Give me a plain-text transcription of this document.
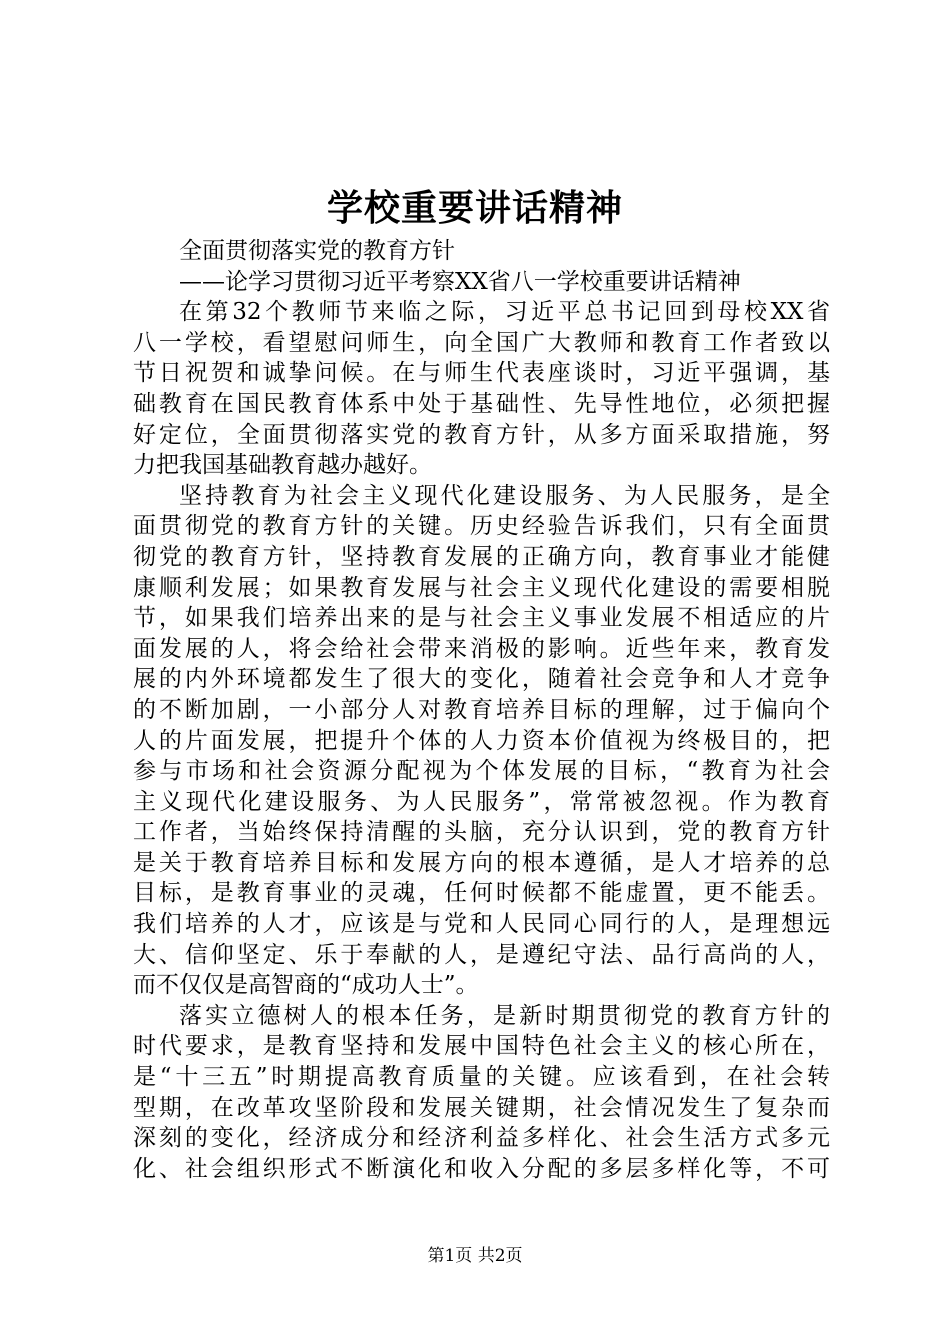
学校重要讲话精神
全面贯彻落实党的教育方针
——论学习贯彻习近平考察XX省八一学校重要讲话精神
在第32个教师节来临之际，习近平总书记回到母校XX省
八一学校，看望慰问师生，向全国广大教师和教育工作者致以
节日祝贺和诚挚问候。在与师生代表座谈时，习近平强调，基
础教育在国民教育体系中处于基础性、先导性地位，必须把握
好定位，全面贯彻落实党的教育方针，从多方面采取措施，努
力把我国基础教育越办越好。
坚持教育为社会主义现代化建设服务、为人民服务，是全
面贯彻党的教育方针的关键。历史经验告诉我们，只有全面贯
彻党的教育方针，坚持教育发展的正确方向，教育事业才能健
康顺利发展；如果教育发展与社会主义现代化建设的需要相脱
节，如果我们培养出来的是与社会主义事业发展不相适应的片
面发展的人，将会给社会带来消极的影响。近些年来，教育发
展的内外环境都发生了很大的变化，随着社会竞争和人才竞争
的不断加剧，一小部分人对教育培养目标的理解，过于偏向个
人的片面发展，把提升个体的人力资本价值视为终极目的，把
参与市场和社会资源分配视为个体发展的目标，“教育为社会
主义现代化建设服务、为人民服务”，常常被忽视。作为教育
工作者，当始终保持清醒的头脑，充分认识到，党的教育方针
是关于教育培养目标和发展方向的根本遵循，是人才培养的总
目标，是教育事业的灵魂，任何时候都不能虚置，更不能丢。
我们培养的人才，应该是与党和人民同心同行的人，是理想远
大、信仰坚定、乐于奉献的人，是遵纪守法、品行高尚的人，
而不仅仅是高智商的“成功人士”。
落实立德树人的根本任务，是新时期贯彻党的教育方针的
时代要求，是教育坚持和发展中国特色社会主义的核心所在，
是“十三五”时期提高教育质量的关键。应该看到，在社会转
型期，在改革攻坚阶段和发展关键期，社会情况发生了复杂而
深刻的变化，经济成分和经济利益多样化、社会生活方式多元
化、社会组织形式不断演化和收入分配的多层多样化等，不可
第1页 共2页
